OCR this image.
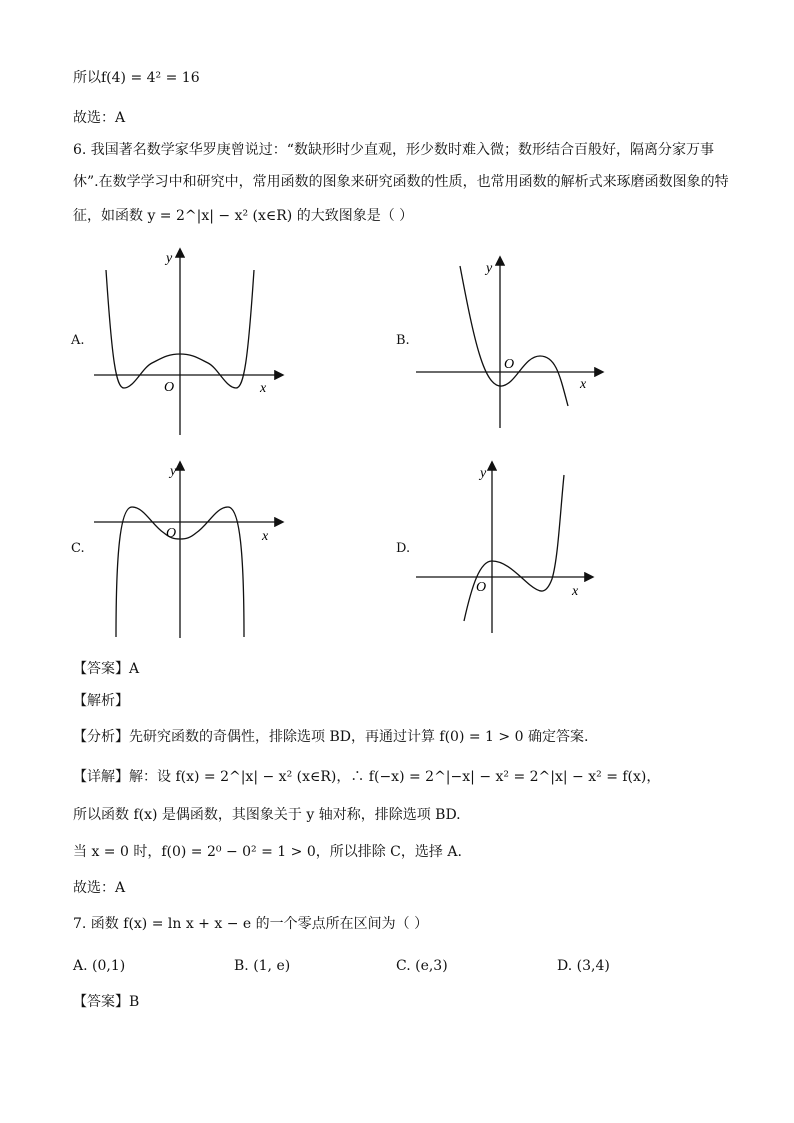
所以f(4) = 4² = 16
故选：A
6. 我国著名数学家华罗庚曾说过：“数缺形时少直观，形少数时难入微；数形结合百般好，隔离分家万事
休”.在数学学习中和研究中，常用函数的图象来研究函数的性质，也常用函数的解析式来琢磨函数图象的特
征，如函数 y = 2^|x| − x² (x∈R) 的大致图象是（ ）
A.	B.
C.	D.
y
O	x
y
O
x
y
O	x
y
O	x
【答案】A
【解析】
【分析】先研究函数的奇偶性，排除选项 BD，再通过计算 f(0) = 1 > 0 确定答案.
【详解】解：设 f(x) = 2^|x| − x² (x∈R)，∴ f(−x) = 2^|−x| − x² = 2^|x| − x² = f(x)，
所以函数 f(x) 是偶函数，其图象关于 y 轴对称，排除选项 BD.
当 x = 0 时，f(0) = 2⁰ − 0² = 1 > 0，所以排除 C，选择 A.
故选：A
7. 函数 f(x) = ln x + x − e 的一个零点所在区间为（ ）
A. (0,1)	B. (1, e)	C. (e,3)	D. (3,4)
【答案】B
